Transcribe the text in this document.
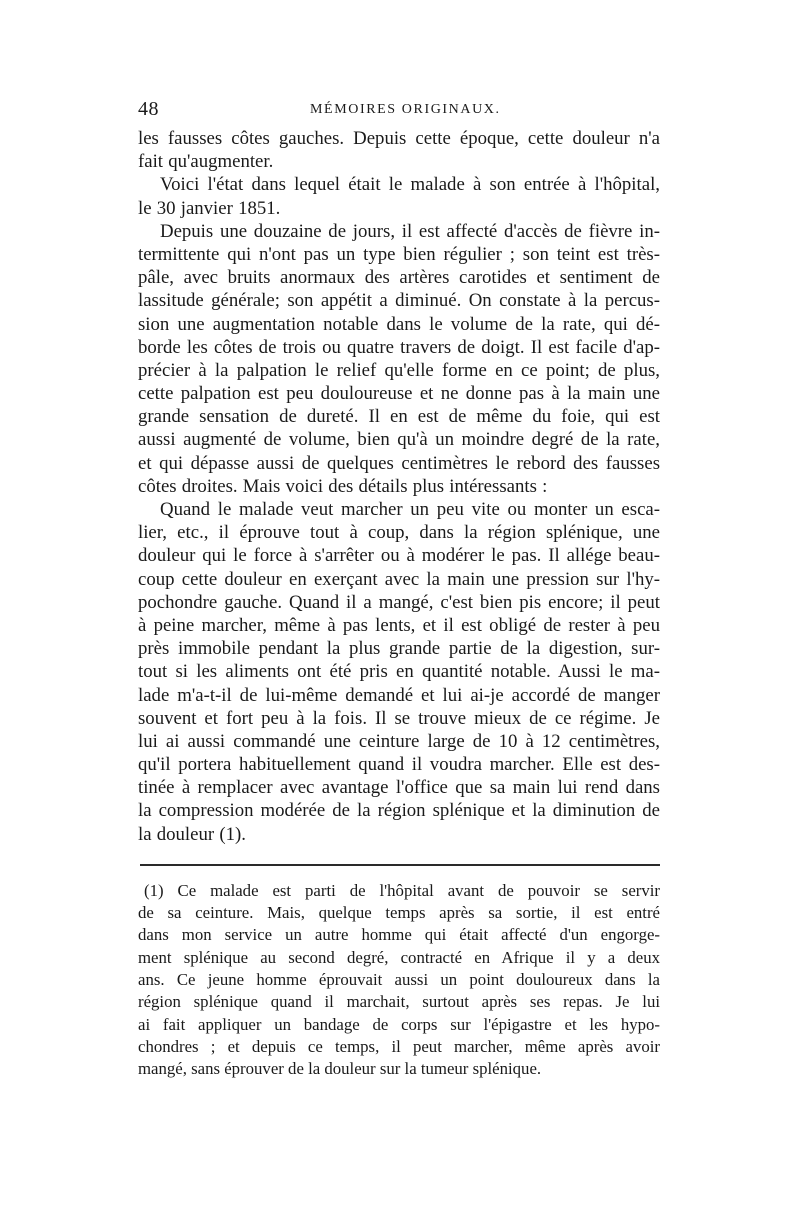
48	MÉMOIRES ORIGINAUX.
les fausses côtes gauches. Depuis cette époque, cette douleur n'a
fait qu'augmenter.
Voici l'état dans lequel était le malade à son entrée à l'hôpital,
le 30 janvier 1851.
Depuis une douzaine de jours, il est affecté d'accès de fièvre in-
termittente qui n'ont pas un type bien régulier ; son teint est très-
pâle, avec bruits anormaux des artères carotides et sentiment de
lassitude générale; son appétit a diminué. On constate à la percus-
sion une augmentation notable dans le volume de la rate, qui dé-
borde les côtes de trois ou quatre travers de doigt. Il est facile d'ap-
précier à la palpation le relief qu'elle forme en ce point; de plus,
cette palpation est peu douloureuse et ne donne pas à la main une
grande sensation de dureté. Il en est de même du foie, qui est
aussi augmenté de volume, bien qu'à un moindre degré de la rate,
et qui dépasse aussi de quelques centimètres le rebord des fausses
côtes droites. Mais voici des détails plus intéressants :
Quand le malade veut marcher un peu vite ou monter un esca-
lier, etc., il éprouve tout à coup, dans la région splénique, une
douleur qui le force à s'arrêter ou à modérer le pas. Il allége beau-
coup cette douleur en exerçant avec la main une pression sur l'hy-
pochondre gauche. Quand il a mangé, c'est bien pis encore; il peut
à peine marcher, même à pas lents, et il est obligé de rester à peu
près immobile pendant la plus grande partie de la digestion, sur-
tout si les aliments ont été pris en quantité notable. Aussi le ma-
lade m'a-t-il de lui-même demandé et lui ai-je accordé de manger
souvent et fort peu à la fois. Il se trouve mieux de ce régime. Je
lui ai aussi commandé une ceinture large de 10 à 12 centimètres,
qu'il portera habituellement quand il voudra marcher. Elle est des-
tinée à remplacer avec avantage l'office que sa main lui rend dans
la compression modérée de la région splénique et la diminution de
la douleur (1).
(1) Ce malade est parti de l'hôpital avant de pouvoir se servir
de sa ceinture. Mais, quelque temps après sa sortie, il est entré
dans mon service un autre homme qui était affecté d'un engorge-
ment splénique au second degré, contracté en Afrique il y a deux
ans. Ce jeune homme éprouvait aussi un point douloureux dans la
région splénique quand il marchait, surtout après ses repas. Je lui
ai fait appliquer un bandage de corps sur l'épigastre et les hypo-
chondres ; et depuis ce temps, il peut marcher, même après avoir
mangé, sans éprouver de la douleur sur la tumeur splénique.
